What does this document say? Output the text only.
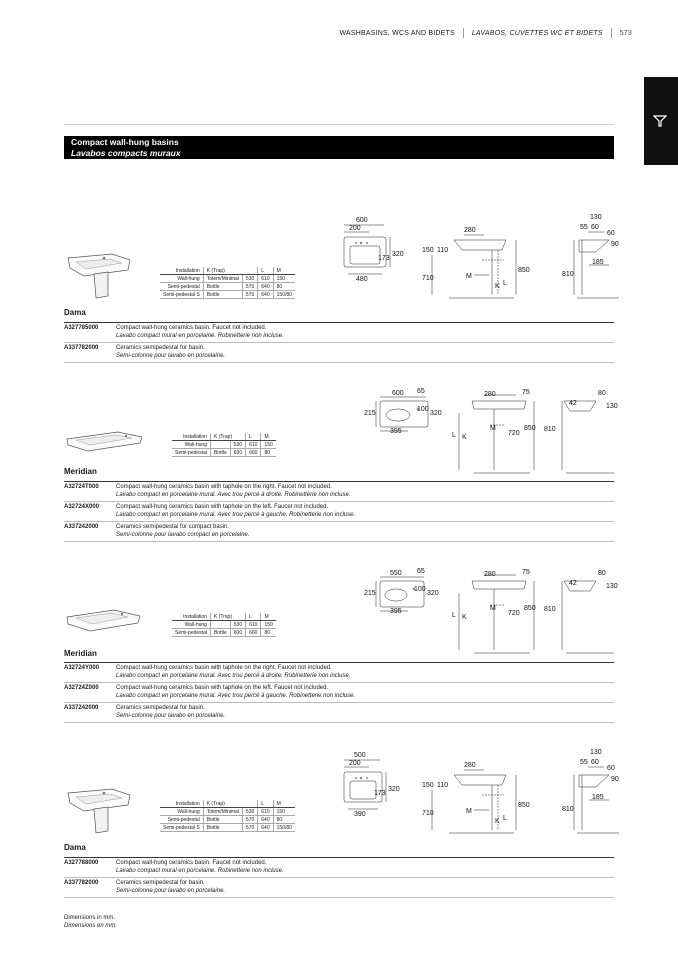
WASHBASINS, WCS AND BIDETS LAVABOS, CUVETTES WC ET BIDETS 573
Compact wall-hung basins
Lavabos compacts muraux
Installation	K (Trap)		L	M
Wall-hung	Totem/Minimal	530	610	150
Semi-pedestal	Bottle	570	640	80
Semi-pedestal S	Bottle	570	640	150/80
600
200
320
173
480
280
150 110
710	M
K L
850
130
55 60
60
90
185
810
Dama
A327785000	Compact wall-hung ceramics basin. Faucet not included.
Lavabo compact mural en porcelaine. Robinetterie non incluse.
A337782000	Ceramics semipedestal for basin.
Semi-colonne pour lavabo en porcelaine.
Installation	K (Trap)		L	M
Wall-hung		530	610	150
Semi-pedestal	Bottle	600	660	80
600 65
215
100
320
395
280	75
L K
M
720
850 810
80
42	130
Meridian
A32724T000	Compact wall-hung ceramics basin with taphole on the right. Faucet not included.
Lavabo compact en porcelaine mural. Avec trou percé à droite. Robinetterie non incluse.
A32724X000	Compact wall-hung ceramics basin with taphole on the left. Faucet not included.
Lavabo compact en porcelaine mural. Avec trou percé à gauche. Robinetterie non incluse.
A337242000	Ceramics semipedestal for compact basin.
Semi-colonne pour lavabo compact en porcelaine.
Installation	K (Trap)		L	M
Wall-hung		530	610	150
Semi-pedestal	Bottle	600	660	80
550 65
215
100
320
395
280	75
L K
M
720
850 810
80
42	130
Meridian
A32724Y000	Compact wall-hung ceramics basin with taphole on the right. Faucet not included.
Lavabo compact en porcelaine mural. Avec trou percé à droite. Robinetterie non incluse.
A32724Z000	Compact wall-hung ceramics basin with taphole on the left. Faucet not included.
Lavabo compact en porcelaine mural. Avec trou percé à gauche. Robinetterie non incluse.
A337242000	Ceramics semipedestal for basin.
Semi-colonne pour lavabo en porcelaine.
Installation	K (Trap)		L	M
Wall-hung	Totem/Minimal	530	610	150
Semi-pedestal	Bottle	570	640	80
Semi-pedestal S	Bottle	570	640	150/80
500
200
320
173
390
280
150 110
710	M
K L
850
130
55 60
60
90
185
810
Dama
A327788000	Compact wall-hung ceramics basin. Faucet not included.
Lavabo compact mural en porcelaine. Robinetterie non incluse.
A337782000	Ceramics semipedestal for basin.
Semi-colonne pour lavabo en porcelaine.
Dimensions in mm.
Dimensions en mm.
